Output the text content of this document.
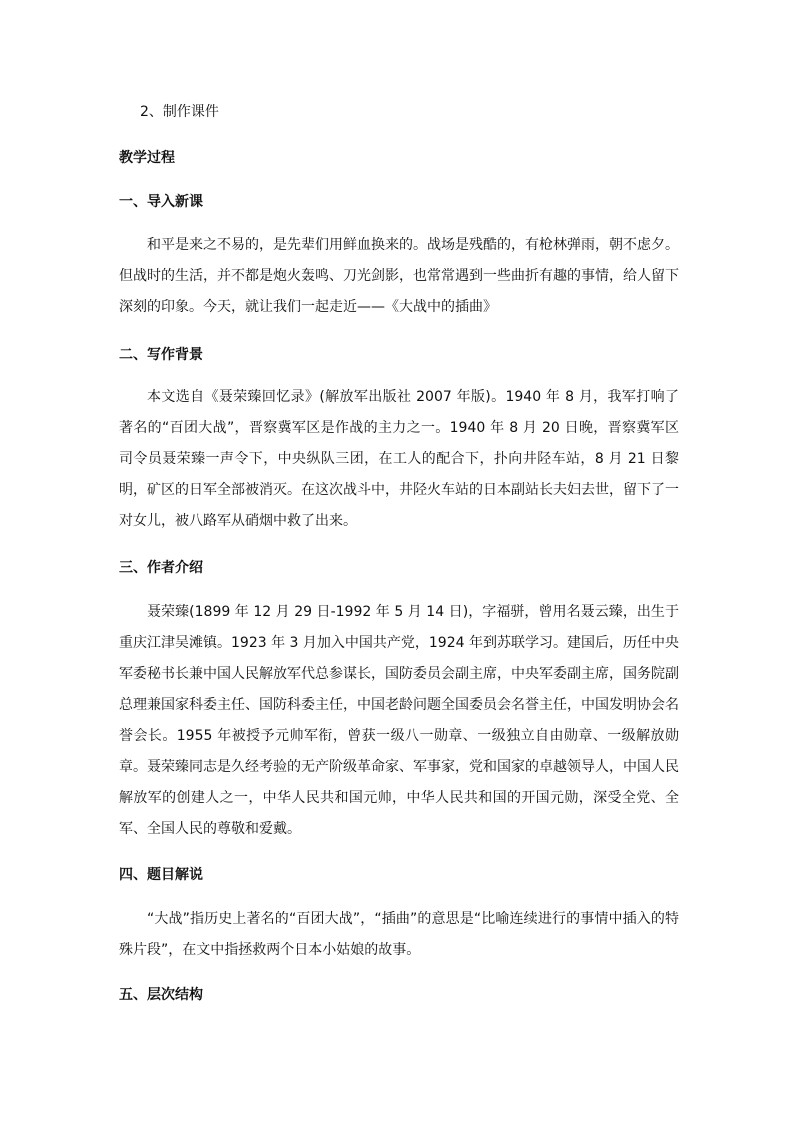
2、制作课件

教学过程

一、导入新课

和平是来之不易的，是先辈们用鲜血换来的。战场是残酷的，有枪林弹雨，朝不虑夕。但战时的生活，并不都是炮火轰鸣、刀光剑影，也常常遇到一些曲折有趣的事情，给人留下深刻的印象。今天，就让我们一起走近——《大战中的插曲》

二、写作背景

本文选自《聂荣臻回忆录》(解放军出版社 2007 年版)。1940 年 8 月，我军打响了著名的“百团大战”，晋察冀军区是作战的主力之一。1940 年 8 月 20 日晚，晋察冀军区司令员聂荣臻一声令下，中央纵队三团，在工人的配合下，扑向井陉车站，8 月 21 日黎明，矿区的日军全部被消灭。在这次战斗中，井陉火车站的日本副站长夫妇去世，留下了一对女儿，被八路军从硝烟中救了出来。

三、作者介绍

聂荣臻(1899 年 12 月 29 日-1992 年 5 月 14 日)，字福骈，曾用名聂云臻，出生于重庆江津吴滩镇。1923 年 3 月加入中国共产党，1924 年到苏联学习。建国后，历任中央军委秘书长兼中国人民解放军代总参谋长，国防委员会副主席，中央军委副主席，国务院副总理兼国家科委主任、国防科委主任，中国老龄问题全国委员会名誉主任，中国发明协会名誉会长。1955 年被授予元帅军衔，曾获一级八一勋章、一级独立自由勋章、一级解放勋章。聂荣臻同志是久经考验的无产阶级革命家、军事家，党和国家的卓越领导人，中国人民解放军的创建人之一，中华人民共和国元帅，中华人民共和国的开国元勋，深受全党、全军、全国人民的尊敬和爱戴。

四、题目解说

“大战”指历史上著名的“百团大战”，“插曲”的意思是“比喻连续进行的事情中插入的特殊片段”，在文中指拯救两个日本小姑娘的故事。

五、层次结构
